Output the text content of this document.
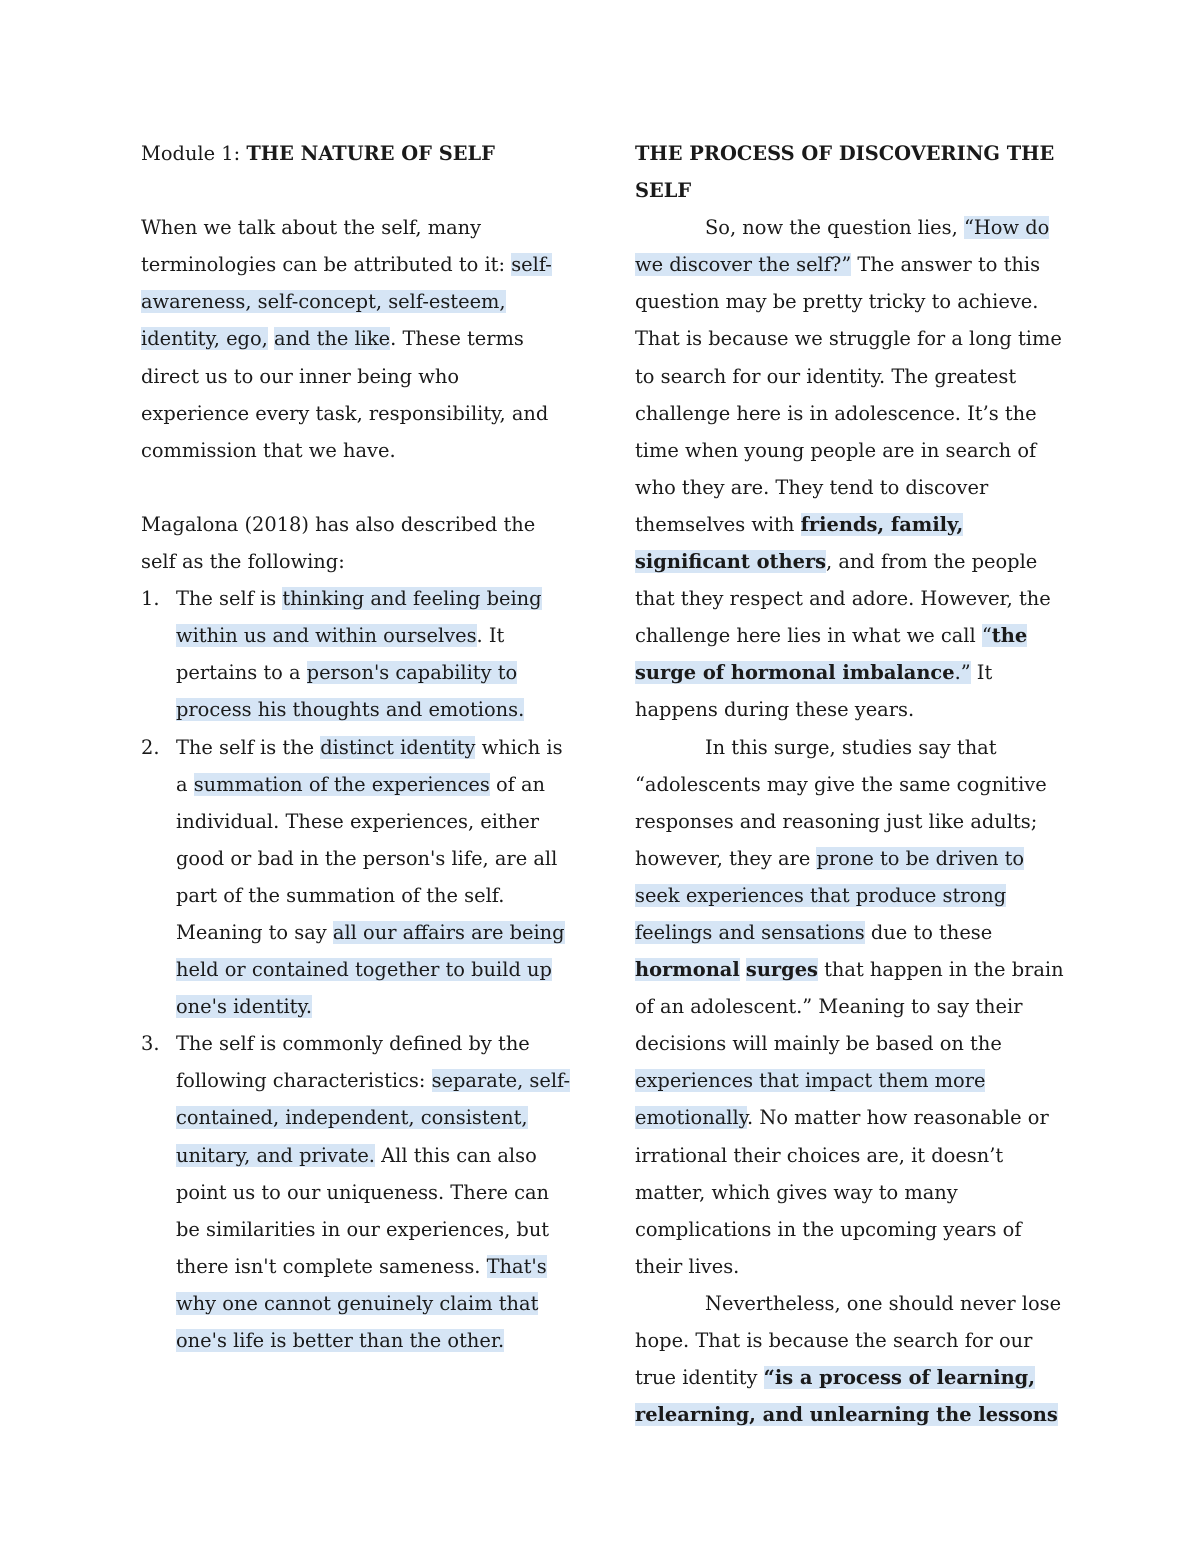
Module 1: THE NATURE OF SELF

When we talk about the self, many terminologies can be attributed to it: self-awareness, self-concept, self-esteem, identity, ego, and the like. These terms direct us to our inner being who experience every task, responsibility, and commission that we have.

Magalona (2018) has also described the self as the following:

1. The self is thinking and feeling being within us and within ourselves. It pertains to a person's capability to process his thoughts and emotions.
2. The self is the distinct identity which is a summation of the experiences of an individual. These experiences, either good or bad in the person's life, are all part of the summation of the self. Meaning to say all our affairs are being held or contained together to build up one's identity.
3. The self is commonly defined by the following characteristics: separate, self-contained, independent, consistent, unitary, and private. All this can also point us to our uniqueness. There can be similarities in our experiences, but there isn't complete sameness. That's why one cannot genuinely claim that one's life is better than the other.

THE PROCESS OF DISCOVERING THE SELF

So, now the question lies, “How do we discover the self?” The answer to this question may be pretty tricky to achieve. That is because we struggle for a long time to search for our identity. The greatest challenge here is in adolescence. It’s the time when young people are in search of who they are. They tend to discover themselves with friends, family, significant others, and from the people that they respect and adore. However, the challenge here lies in what we call “the surge of hormonal imbalance.” It happens during these years.

In this surge, studies say that “adolescents may give the same cognitive responses and reasoning just like adults; however, they are prone to be driven to seek experiences that produce strong feelings and sensations due to these hormonal surges that happen in the brain of an adolescent.” Meaning to say their decisions will mainly be based on the experiences that impact them more emotionally. No matter how reasonable or irrational their choices are, it doesn’t matter, which gives way to many complications in the upcoming years of their lives.

Nevertheless, one should never lose hope. That is because the search for our true identity “is a process of learning, relearning, and unlearning the lessons
